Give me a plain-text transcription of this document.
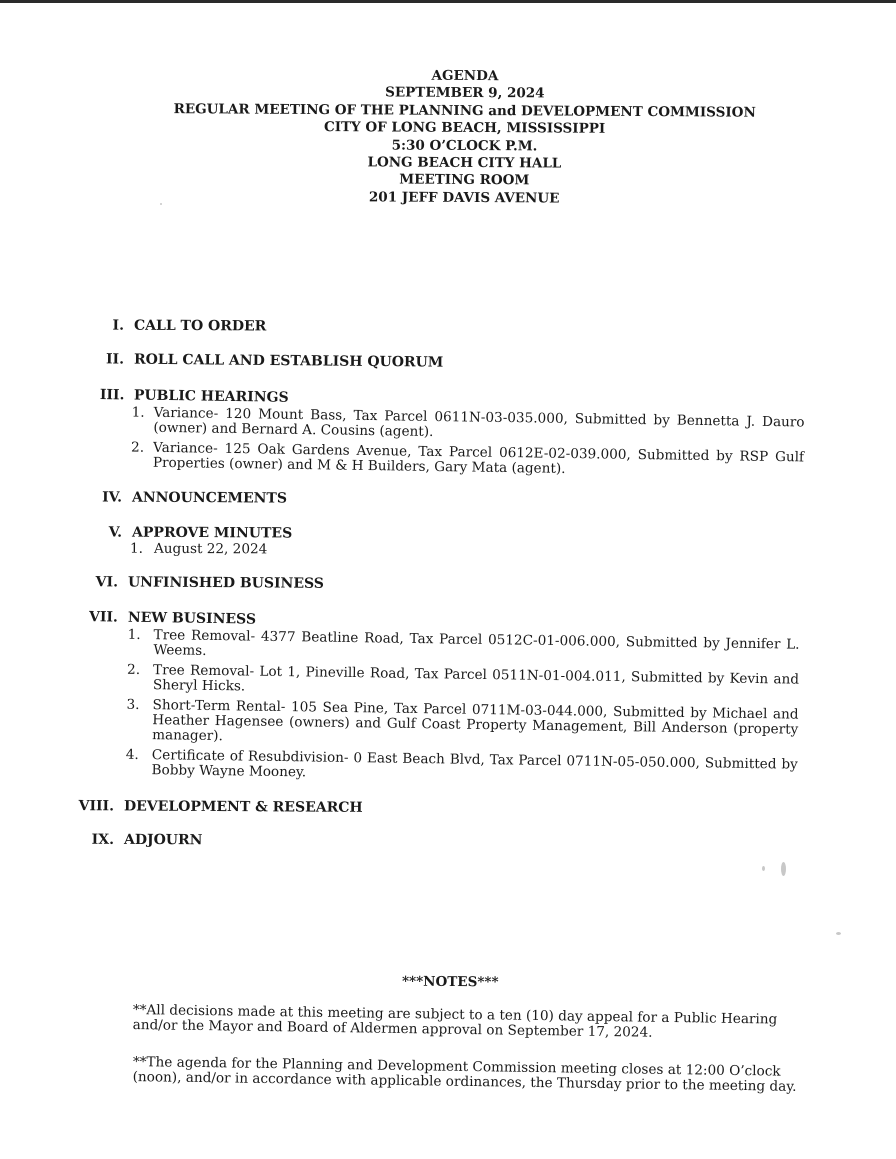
AGENDA
SEPTEMBER 9, 2024
REGULAR MEETING OF THE PLANNING and DEVELOPMENT COMMISSION
CITY OF LONG BEACH, MISSISSIPPI
5:30 O’CLOCK P.M.
LONG BEACH CITY HALL
MEETING ROOM
201 JEFF DAVIS AVENUE
I. CALL TO ORDER
II. ROLL CALL AND ESTABLISH QUORUM
III. PUBLIC HEARINGS
1. Variance- 120 Mount Bass, Tax Parcel 0611N-03-035.000, Submitted by Bennetta J. Dauro (owner) and Bernard A. Cousins (agent).
2. Variance- 125 Oak Gardens Avenue, Tax Parcel 0612E-02-039.000, Submitted by RSP Gulf Properties (owner) and M & H Builders, Gary Mata (agent).
IV. ANNOUNCEMENTS
V. APPROVE MINUTES
1. August 22, 2024
VI. UNFINISHED BUSINESS
VII. NEW BUSINESS
1. Tree Removal- 4377 Beatline Road, Tax Parcel 0512C-01-006.000, Submitted by Jennifer L. Weems.
2. Tree Removal- Lot 1, Pineville Road, Tax Parcel 0511N-01-004.011, Submitted by Kevin and Sheryl Hicks.
3. Short-Term Rental- 105 Sea Pine, Tax Parcel 0711M-03-044.000, Submitted by Michael and Heather Hagensee (owners) and Gulf Coast Property Management, Bill Anderson (property manager).
4. Certificate of Resubdivision- 0 East Beach Blvd, Tax Parcel 0711N-05-050.000, Submitted by Bobby Wayne Mooney.
VIII. DEVELOPMENT & RESEARCH
IX. ADJOURN
***NOTES***
**All decisions made at this meeting are subject to a ten (10) day appeal for a Public Hearing and/or the Mayor and Board of Aldermen approval on September 17, 2024.
**The agenda for the Planning and Development Commission meeting closes at 12:00 O’clock (noon), and/or in accordance with applicable ordinances, the Thursday prior to the meeting day.
